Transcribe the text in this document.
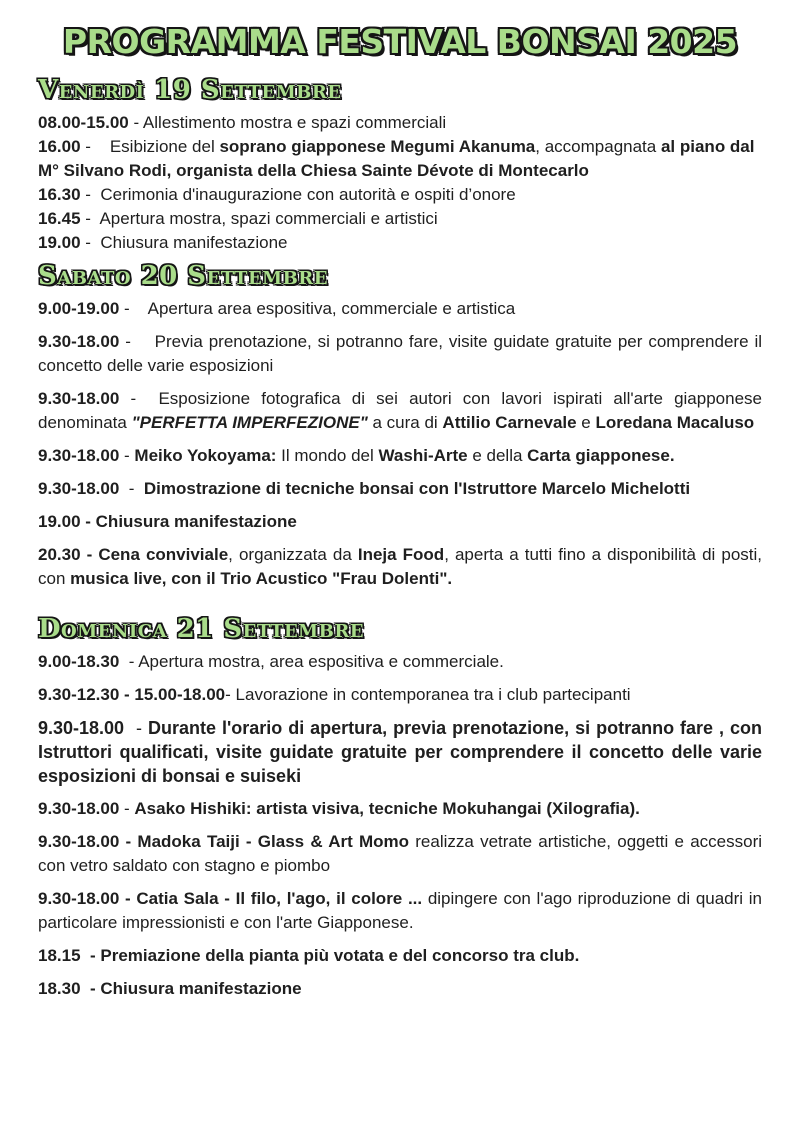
PROGRAMMA FESTIVAL BONSAI 2025
Venerdì 19 Settembre

08.00-15.00 - Allestimento mostra e spazi commerciali

16.00 -    Esibizione del soprano giapponese Megumi Akanuma, accompagnata al piano dal M° Silvano Rodi, organista della Chiesa Sainte Dévote di Montecarlo

16.30 -  Cerimonia d'inaugurazione con autorità e ospiti d’onore

16.45 -  Apertura mostra, spazi commerciali e artistici

19.00 -  Chiusura manifestazione

Sabato 20 Settembre

9.00-19.00 -    Apertura area espositiva, commerciale e artistica

9.30-18.00 -    Previa prenotazione, si potranno fare, visite guidate gratuite per comprendere il concetto delle varie esposizioni

9.30-18.00 -  Esposizione fotografica di sei autori con lavori ispirati all'arte giapponese denominata "PERFETTA IMPERFEZIONE" a cura di Attilio Carnevale e Loredana Macaluso

9.30-18.00 - Meiko Yokoyama: Il mondo del Washi-Arte e della Carta giapponese.

9.30-18.00  -  Dimostrazione di tecniche bonsai con l'Istruttore Marcelo Michelotti

19.00 - Chiusura manifestazione

20.30 - Cena conviviale, organizzata da Ineja Food, aperta a tutti fino a disponibilità di posti, con musica live, con il Trio Acustico "Frau Dolenti".

Domenica 21 Settembre

9.00-18.30  - Apertura mostra, area espositiva e commerciale.

9.30-12.30 - 15.00-18.00- Lavorazione in contemporanea tra i club partecipanti

9.30-18.00  - Durante l'orario di apertura, previa prenotazione, si potranno fare , con Istruttori qualificati, visite guidate gratuite per comprendere il concetto delle varie esposizioni di bonsai e suiseki

9.30-18.00 - Asako Hishiki: artista visiva, tecniche Mokuhangai (Xilografia).

9.30-18.00 - Madoka Taiji - Glass & Art Momo realizza vetrate artistiche, oggetti e accessori con vetro saldato con stagno e piombo

9.30-18.00 - Catia Sala - Il filo, l'ago, il colore ... dipingere con l'ago riproduzione di quadri in particolare impressionisti e con l'arte Giapponese.

18.15  - Premiazione della pianta più votata e del concorso tra club.

18.30  - Chiusura manifestazione
